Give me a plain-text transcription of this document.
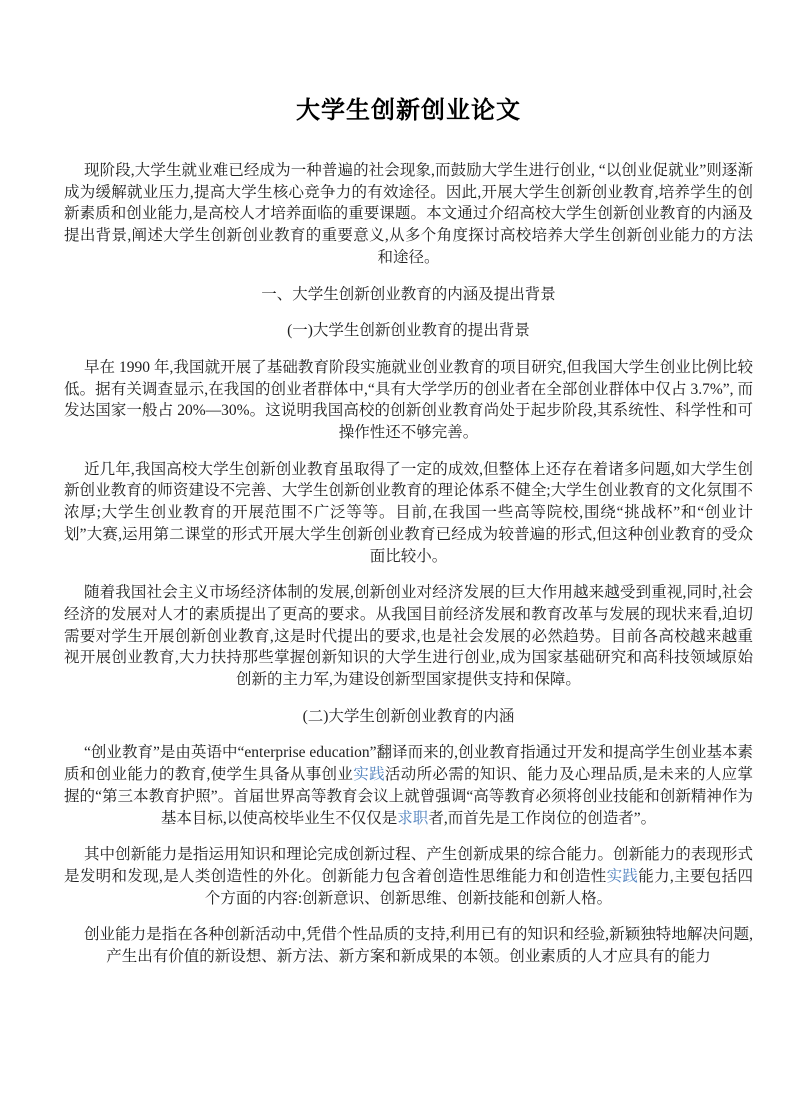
大学生创新创业论文

现阶段,大学生就业难已经成为一种普遍的社会现象,而鼓励大学生进行创业, “以创业促就业”则逐渐成为缓解就业压力,提高大学生核心竞争力的有效途径。因此,开展大学生创新创业教育,培养学生的创新素质和创业能力,是高校人才培养面临的重要课题。本文通过介绍高校大学生创新创业教育的内涵及提出背景,阐述大学生创新创业教育的重要意义,从多个角度探讨高校培养大学生创新创业能力的方法和途径。

一、大学生创新创业教育的内涵及提出背景

(一)大学生创新创业教育的提出背景

早在 1990 年,我国就开展了基础教育阶段实施就业创业教育的项目研究,但我国大学生创业比例比较低。据有关调查显示,在我国的创业者群体中,“具有大学学历的创业者在全部创业群体中仅占 3.7%”, 而发达国家一般占 20%—30%。这说明我国高校的创新创业教育尚处于起步阶段,其系统性、科学性和可操作性还不够完善。

近几年,我国高校大学生创新创业教育虽取得了一定的成效,但整体上还存在着诸多问题,如大学生创新创业教育的师资建设不完善、大学生创新创业教育的理论体系不健全;大学生创业教育的文化氛围不浓厚;大学生创业教育的开展范围不广泛等等。目前,在我国一些高等院校,围绕“挑战杯”和“创业计划”大赛,运用第二课堂的形式开展大学生创新创业教育已经成为较普遍的形式,但这种创业教育的受众面比较小。

随着我国社会主义市场经济体制的发展,创新创业对经济发展的巨大作用越来越受到重视,同时,社会经济的发展对人才的素质提出了更高的要求。从我国目前经济发展和教育改革与发展的现状来看,迫切需要对学生开展创新创业教育,这是时代提出的要求,也是社会发展的必然趋势。目前各高校越来越重视开展创业教育,大力扶持那些掌握创新知识的大学生进行创业,成为国家基础研究和高科技领域原始创新的主力军,为建设创新型国家提供支持和保障。

(二)大学生创新创业教育的内涵

“创业教育”是由英语中“enterprise education”翻译而来的,创业教育指通过开发和提高学生创业基本素质和创业能力的教育,使学生具备从事创业实践活动所必需的知识、能力及心理品质,是未来的人应掌握的“第三本教育护照”。首届世界高等教育会议上就曾强调“高等教育必须将创业技能和创新精神作为基本目标,以使高校毕业生不仅仅是求职者,而首先是工作岗位的创造者”。

其中创新能力是指运用知识和理论完成创新过程、产生创新成果的综合能力。创新能力的表现形式是发明和发现,是人类创造性的外化。创新能力包含着创造性思维能力和创造性实践能力,主要包括四个方面的内容:创新意识、创新思维、创新技能和创新人格。

创业能力是指在各种创新活动中,凭借个性品质的支持,利用已有的知识和经验,新颖独特地解决问题,产生出有价值的新设想、新方法、新方案和新成果的本领。创业素质的人才应具有的能力
